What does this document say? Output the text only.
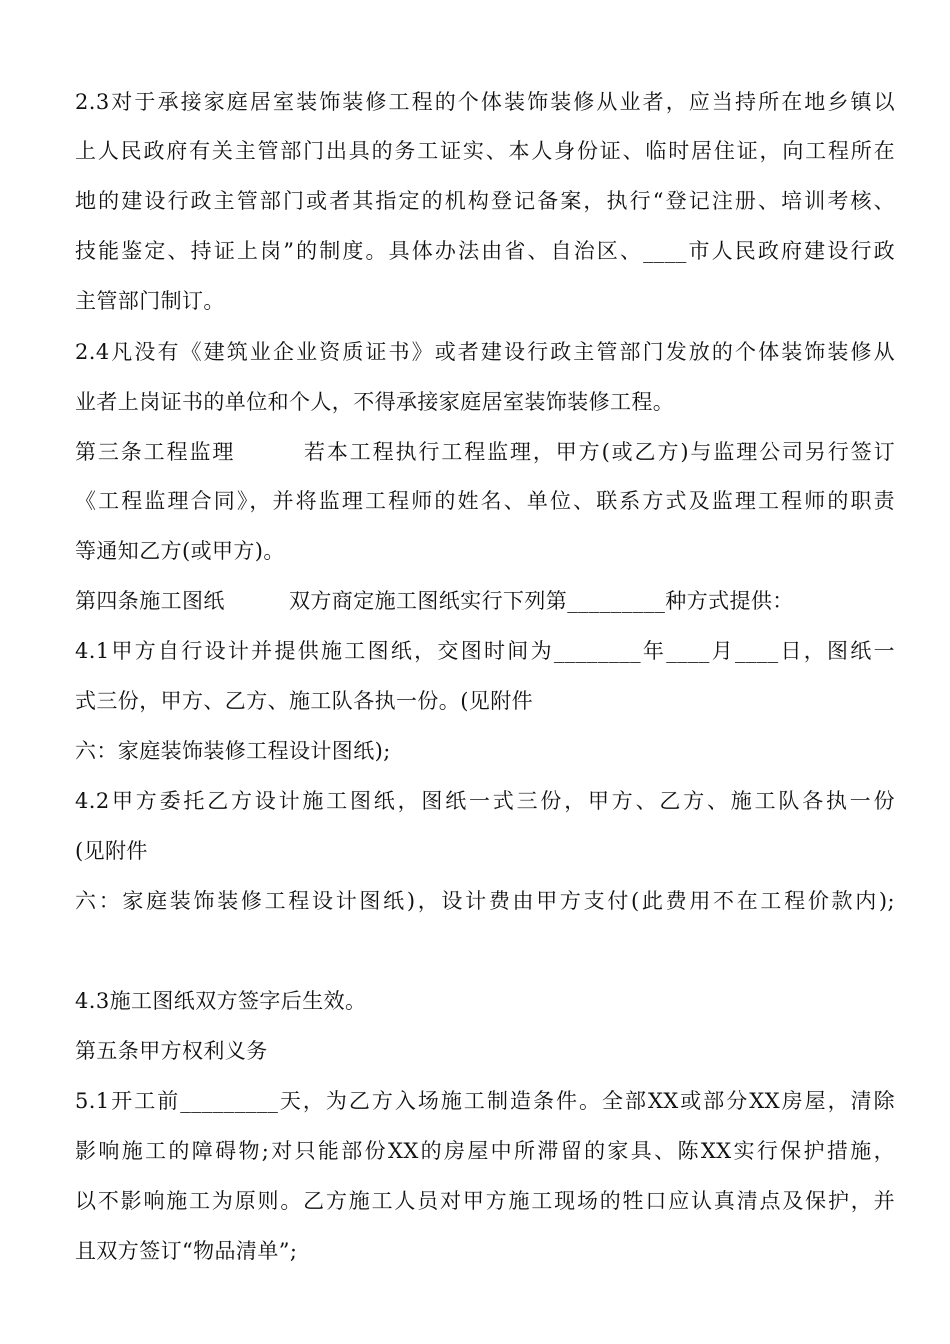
2.3对于承接家庭居室装饰装修工程的个体装饰装修从业者，应当持所在地乡镇以
上人民政府有关主管部门出具的务工证实、本人身份证、临时居住证，向工程所在
地的建设行政主管部门或者其指定的机构登记备案，执行“登记注册、培训考核、
技能鉴定、持证上岗”的制度。具体办法由省、自治区、____市人民政府建设行政
主管部门制订。
2.4凡没有《建筑业企业资质证书》或者建设行政主管部门发放的个体装饰装修从
业者上岗证书的单位和个人，不得承接家庭居室装饰装修工程。
第三条工程监理　　　若本工程执行工程监理，甲方(或乙方)与监理公司另行签订
《工程监理合同》，并将监理工程师的姓名、单位、联系方式及监理工程师的职责
等通知乙方(或甲方)。
第四条施工图纸　　　双方商定施工图纸实行下列第_________种方式提供：
4.1甲方自行设计并提供施工图纸，交图时间为________年____月____日，图纸一
式三份，甲方、乙方、施工队各执一份。(见附件
六：家庭装饰装修工程设计图纸);
4.2甲方委托乙方设计施工图纸，图纸一式三份，甲方、乙方、施工队各执一份
(见附件
六：家庭装饰装修工程设计图纸)，设计费由甲方支付(此费用不在工程价款内);
4.3施工图纸双方签字后生效。
第五条甲方权利义务
5.1开工前_________天，为乙方入场施工制造条件。全部XX或部分XX房屋，清除
影响施工的障碍物;对只能部份XX的房屋中所滞留的家具、陈XX实行保护措施，
以不影响施工为原则。乙方施工人员对甲方施工现场的牲口应认真清点及保护，并
且双方签订“物品清单”;
